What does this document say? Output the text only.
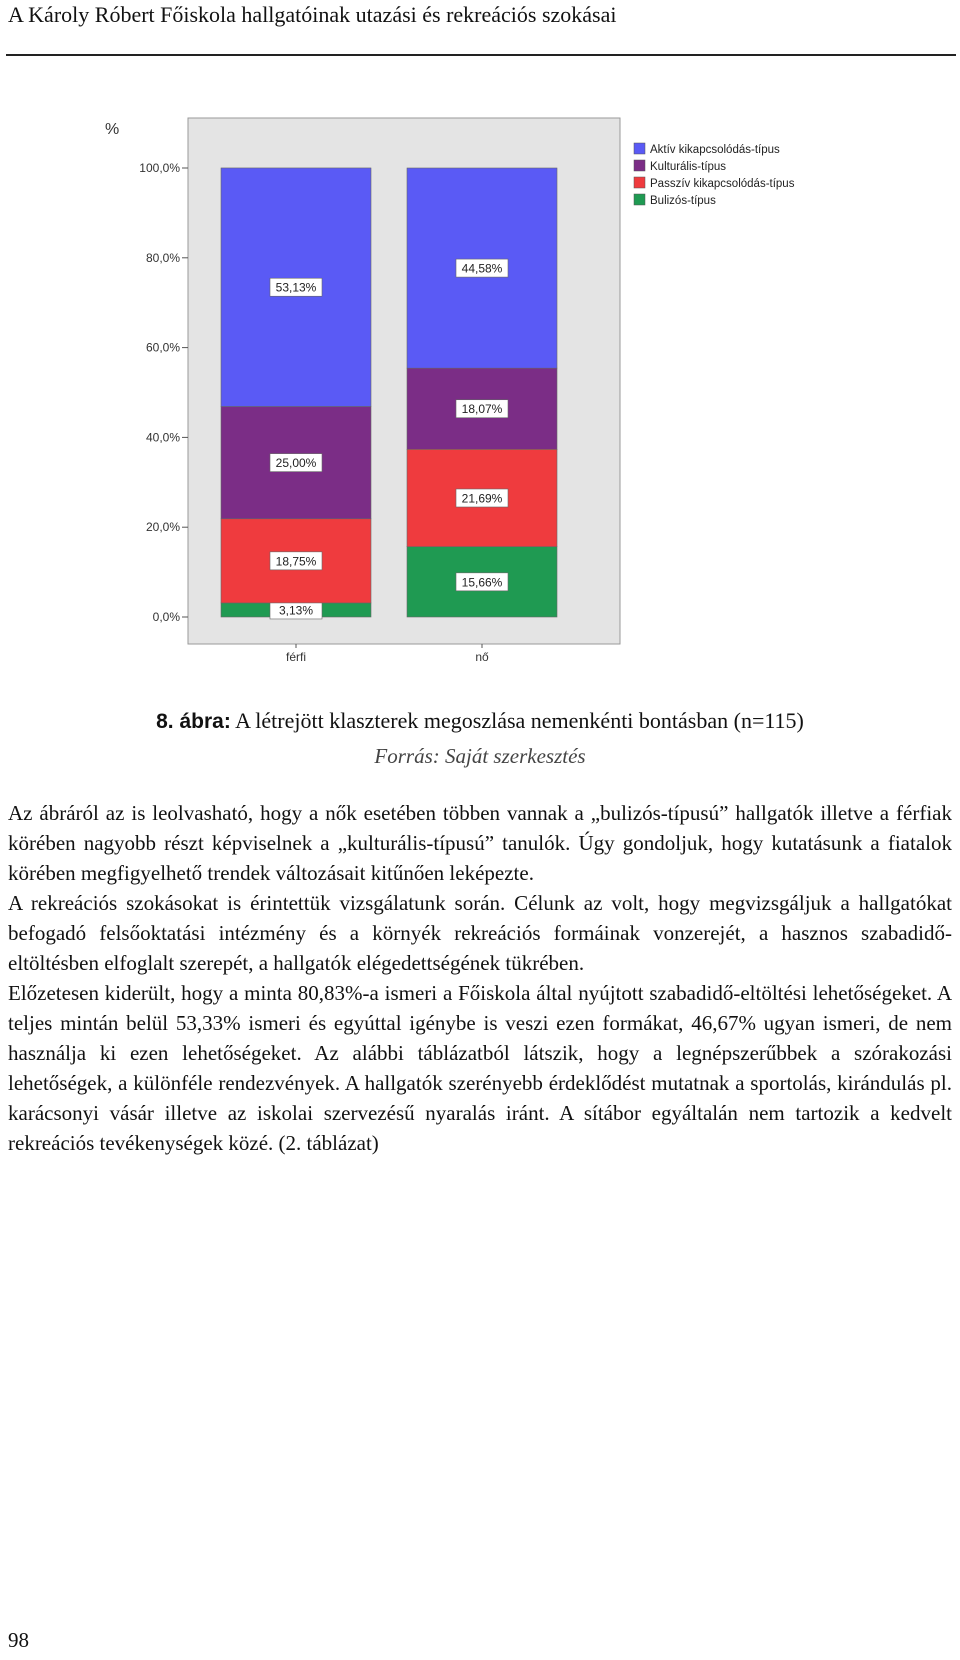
A Károly Róbert Főiskola hallgatóinak utazási és rekreációs szokásai
%
0,0%
20,0%
40,0%
60,0%
80,0%
100,0%
3,13%
18,75%
25,00%
53,13%
férfi
15,66%
21,69%
18,07%
44,58%
nő
Aktív kikapcsolódás-típus
Kulturális-típus
Passzív kikapcsolódás-típus
Bulizós-típus
8. ábra: A létrejött klaszterek megoszlása nemenkénti bontásban (n=115)
Forrás: Saját szerkesztés

Az ábráról az is leolvasható, hogy a nők esetében többen vannak a „bulizós-típusú” hallgatók illetve a férfiak körében nagyobb részt képviselnek a „kulturális-típusú” tanulók. Úgy gondoljuk, hogy kutatásunk a fiatalok körében megfigyelhető trendek változásait kitűnően leképezte.

A rekreációs szokásokat is érintettük vizsgálatunk során. Célunk az volt, hogy megvizsgáljuk a hallgatókat befogadó felsőoktatási intézmény és a környék rekreációs formáinak vonzerejét, a hasznos szabadidő-eltöltésben elfoglalt szerepét, a hallgatók elégedettségének tükrében.

Előzetesen kiderült, hogy a minta 80,83%-a ismeri a Főiskola által nyújtott szabadidő-eltöltési lehetőségeket. A teljes mintán belül 53,33% ismeri és egyúttal igénybe is veszi ezen formákat, 46,67% ugyan ismeri, de nem használja ki ezen lehetőségeket. Az alábbi táblázatból látszik, hogy a legnépszerűbbek a szórakozási lehetőségek, a különféle rendezvények. A hallgatók szerényebb érdeklődést mutatnak a sportolás, kirándulás pl. karácsonyi vásár illetve az iskolai szervezésű nyaralás iránt. A sítábor egyáltalán nem tartozik a kedvelt rekreációs tevékenységek közé. (2. táblázat)

98
